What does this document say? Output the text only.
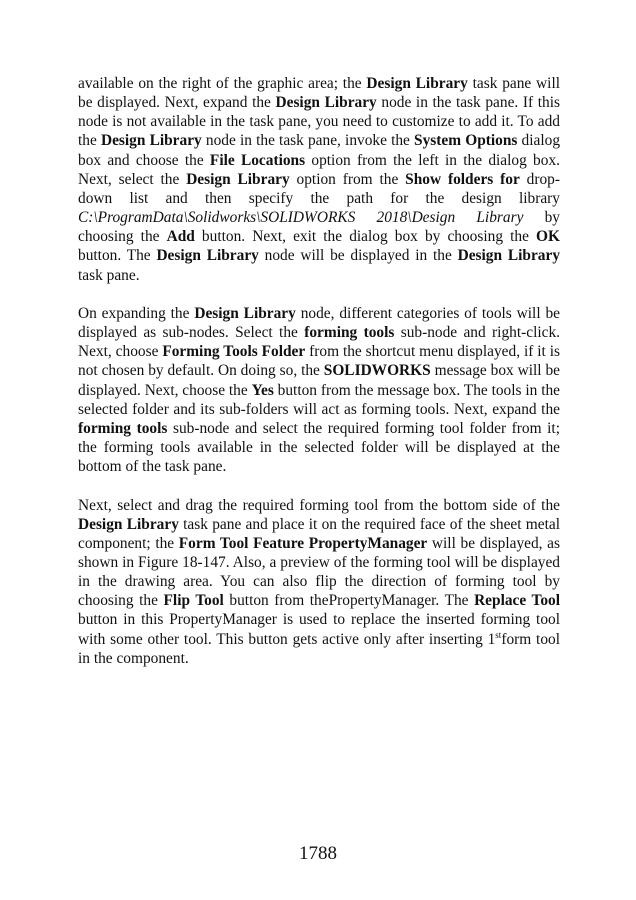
available on the right of the graphic area; the Design Library task pane will be displayed. Next, expand the Design Library node in the task pane. If this node is not available in the task pane, you need to customize to add it. To add the Design Library node in the task pane, invoke the System Options dialog box and choose the File Locations option from the left in the dialog box. Next, select the Design Library option from the Show folders for drop-down list and then specify the path for the design library C:\ProgramData\Solidworks\SOLIDWORKS 2018\Design Library by choosing the Add button. Next, exit the dialog box by choosing the OK button. The Design Library node will be displayed in the Design Library task pane.

On expanding the Design Library node, different categories of tools will be displayed as sub-nodes. Select the forming tools sub-node and right-click. Next, choose Forming Tools Folder from the shortcut menu displayed, if it is not chosen by default. On doing so, the SOLIDWORKS message box will be displayed. Next, choose the Yes button from the message box. The tools in the selected folder and its sub-folders will act as forming tools. Next, expand the forming tools sub-node and select the required forming tool folder from it; the forming tools available in the selected folder will be displayed at the bottom of the task pane.

Next, select and drag the required forming tool from the bottom side of the Design Library task pane and place it on the required face of the sheet metal component; the Form Tool Feature PropertyManager will be displayed, as shown in Figure 18-147. Also, a preview of the forming tool will be displayed in the drawing area. You can also flip the direction of forming tool by choosing the Flip Tool button from thePropertyManager. The Replace Tool button in this PropertyManager is used to replace the inserted forming tool with some other tool. This button gets active only after inserting 1stform tool in the component.

1788
